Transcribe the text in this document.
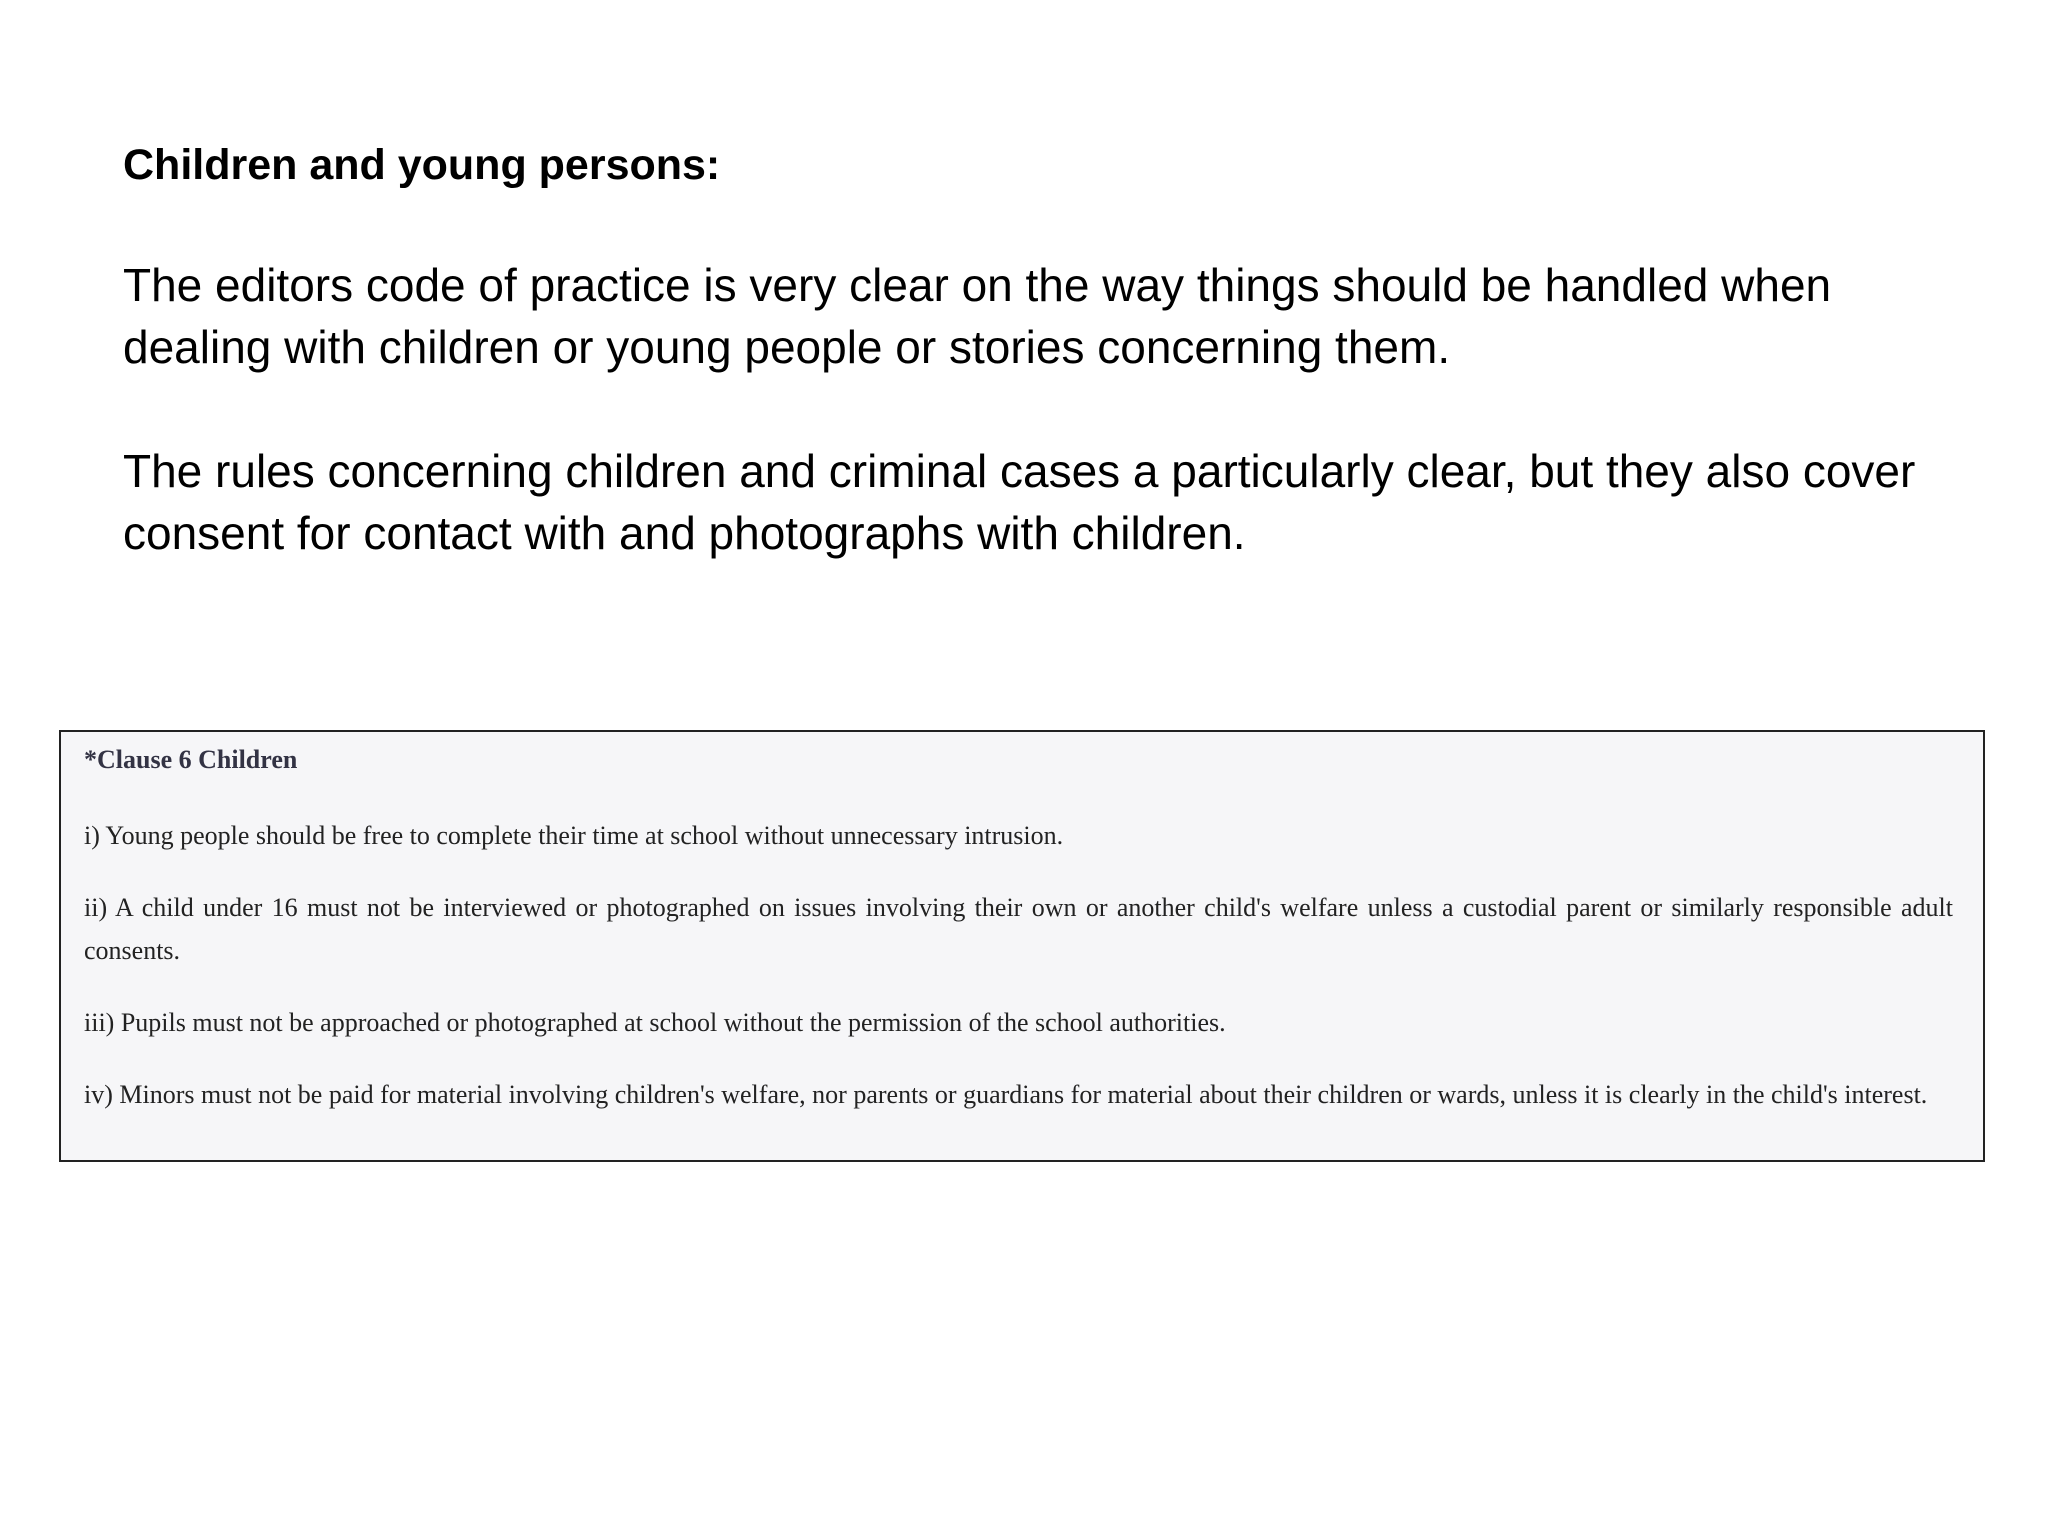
Children and young persons:
The editors code of practice is very clear on the way things should be handled when dealing with children or young people or stories concerning them.
The rules concerning children and criminal cases a particularly clear, but they also cover consent for contact with and photographs with children.
*Clause 6 Children
i) Young people should be free to complete their time at school without unnecessary intrusion.
ii) A child under 16 must not be interviewed or photographed on issues involving their own or another child's welfare unless a custodial parent or similarly responsible adult consents.
iii) Pupils must not be approached or photographed at school without the permission of the school authorities.
iv) Minors must not be paid for material involving children's welfare, nor parents or guardians for material about their children or wards, unless it is clearly in the child's interest.
